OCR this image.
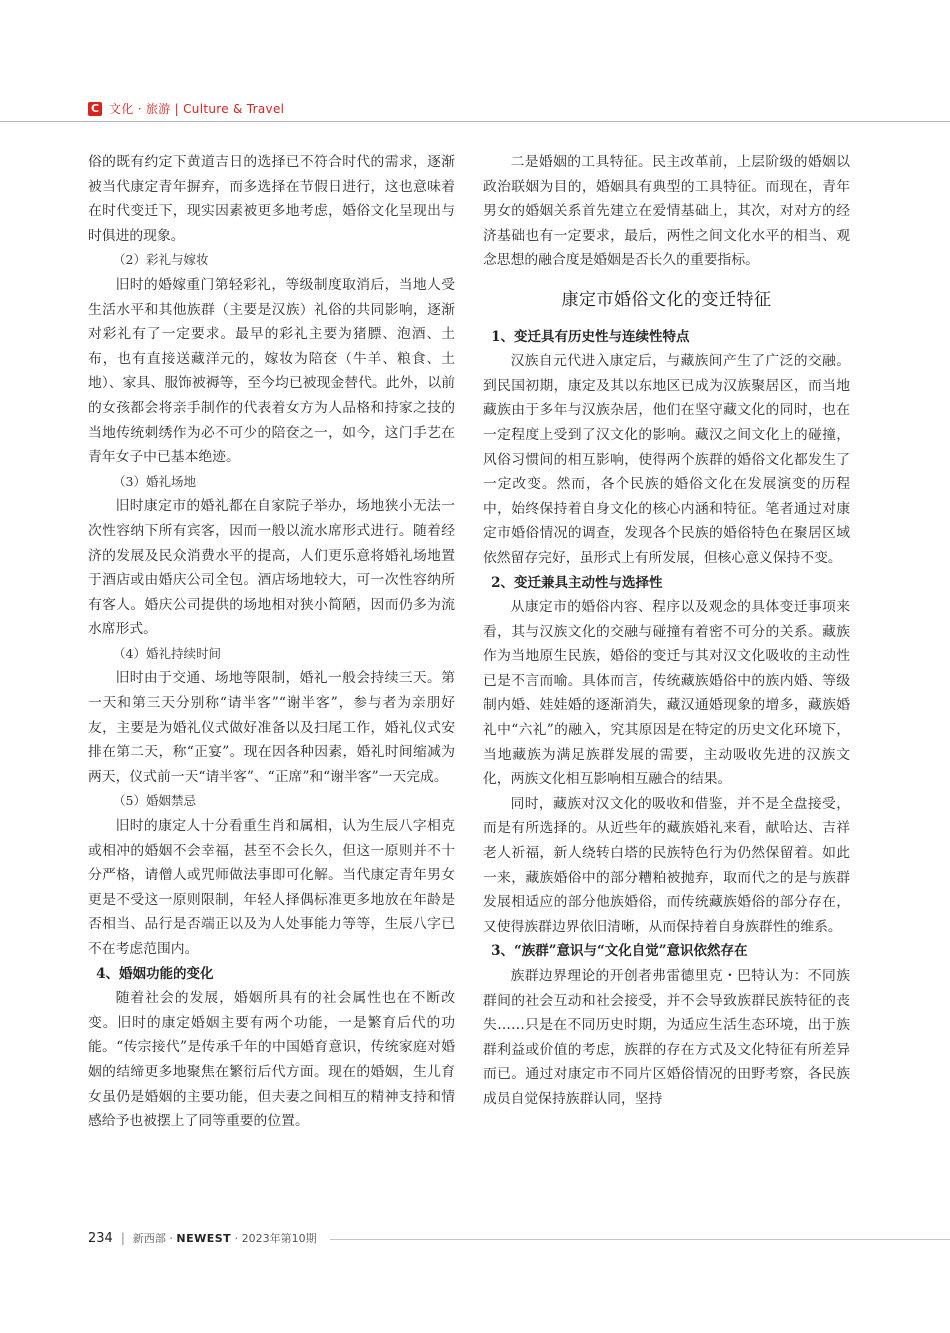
C 文化 · 旅游 | Culture & Travel

俗的既有约定下黄道吉日的选择已不符合时代的需求，逐渐被当代康定青年摒弃，而多选择在节假日进行，这也意味着在时代变迁下，现实因素被更多地考虑，婚俗文化呈现出与时俱进的现象。

（2）彩礼与嫁妆

旧时的婚嫁重门第轻彩礼，等级制度取消后，当地人受生活水平和其他族群（主要是汉族）礼俗的共同影响，逐渐对彩礼有了一定要求。最早的彩礼主要为猪膘、泡酒、土布，也有直接送藏洋元的，嫁妆为陪奁（牛羊、粮食、土地）、家具、服饰被褥等，至今均已被现金替代。此外，以前的女孩都会将亲手制作的代表着女方为人品格和持家之技的当地传统刺绣作为必不可少的陪奁之一，如今，这门手艺在青年女子中已基本绝迹。

（3）婚礼场地

旧时康定市的婚礼都在自家院子举办，场地狭小无法一次性容纳下所有宾客，因而一般以流水席形式进行。随着经济的发展及民众消费水平的提高，人们更乐意将婚礼场地置于酒店或由婚庆公司全包。酒店场地较大，可一次性容纳所有客人。婚庆公司提供的场地相对狭小简陋，因而仍多为流水席形式。

（4）婚礼持续时间

旧时由于交通、场地等限制，婚礼一般会持续三天。第一天和第三天分别称“请半客”“谢半客”，参与者为亲朋好友，主要是为婚礼仪式做好准备以及扫尾工作，婚礼仪式安排在第二天，称“正宴”。现在因各种因素，婚礼时间缩减为两天，仪式前一天“请半客”、“正席”和“谢半客”一天完成。

（5）婚姻禁忌

旧时的康定人十分看重生肖和属相，认为生辰八字相克或相冲的婚姻不会幸福，甚至不会长久，但这一原则并不十分严格，请僧人或咒师做法事即可化解。当代康定青年男女更是不受这一原则限制，年轻人择偶标准更多地放在年龄是否相当、品行是否端正以及为人处事能力等等，生辰八字已不在考虑范围内。

4、婚姻功能的变化

随着社会的发展，婚姻所具有的社会属性也在不断改变。旧时的康定婚姻主要有两个功能，一是繁育后代的功能。“传宗接代”是传承千年的中国婚育意识，传统家庭对婚姻的结缔更多地聚焦在繁衍后代方面。现在的婚姻，生儿育女虽仍是婚姻的主要功能，但夫妻之间相互的精神支持和情感给予也被摆上了同等重要的位置。

二是婚姻的工具特征。民主改革前，上层阶级的婚姻以政治联姻为目的，婚姻具有典型的工具特征。而现在，青年男女的婚姻关系首先建立在爱情基础上，其次，对对方的经济基础也有一定要求，最后，两性之间文化水平的相当、观念思想的融合度是婚姻是否长久的重要指标。

康定市婚俗文化的变迁特征

1、变迁具有历史性与连续性特点

汉族自元代进入康定后，与藏族间产生了广泛的交融。到民国初期，康定及其以东地区已成为汉族聚居区，而当地藏族由于多年与汉族杂居，他们在坚守藏文化的同时，也在一定程度上受到了汉文化的影响。藏汉之间文化上的碰撞，风俗习惯间的相互影响，使得两个族群的婚俗文化都发生了一定改变。然而，各个民族的婚俗文化在发展演变的历程中，始终保持着自身文化的核心内涵和特征。笔者通过对康定市婚俗情况的调查，发现各个民族的婚俗特色在聚居区域依然留存完好，虽形式上有所发展，但核心意义保持不变。

2、变迁兼具主动性与选择性

从康定市的婚俗内容、程序以及观念的具体变迁事项来看，其与汉族文化的交融与碰撞有着密不可分的关系。藏族作为当地原生民族，婚俗的变迁与其对汉文化吸收的主动性已是不言而喻。具体而言，传统藏族婚俗中的族内婚、等级制内婚、娃娃婚的逐渐消失，藏汉通婚现象的增多，藏族婚礼中“六礼”的融入，究其原因是在特定的历史文化环境下，当地藏族为满足族群发展的需要，主动吸收先进的汉族文化，两族文化相互影响相互融合的结果。

同时，藏族对汉文化的吸收和借鉴，并不是全盘接受，而是有所选择的。从近些年的藏族婚礼来看，献哈达、吉祥老人祈福，新人绕转白塔的民族特色行为仍然保留着。如此一来，藏族婚俗中的部分糟粕被抛弃，取而代之的是与族群发展相适应的部分他族婚俗，而传统藏族婚俗的部分存在，又使得族群边界依旧清晰，从而保持着自身族群性的维系。

3、“族群”意识与“文化自觉”意识依然存在

族群边界理论的开创者弗雷德里克・巴特认为：不同族群间的社会互动和社会接受，并不会导致族群民族特征的丧失……只是在不同历史时期，为适应生活生态环境，出于族群利益或价值的考虑，族群的存在方式及文化特征有所差异而已。通过对康定市不同片区婚俗情况的田野考察，各民族成员自觉保持族群认同，坚持

234 | 新西部 · NEWEST · 2023年第10期
